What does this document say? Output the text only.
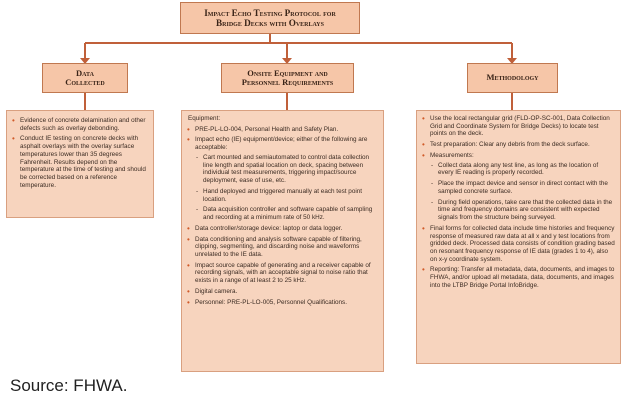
Impact Echo Testing Protocol for
Bridge Decks with Overlays
Data
Collected
Onsite Equipment and
Personnel Requirements	Methodology
• Evidence of concrete delamination and other defects such as overlay debonding.
• Conduct IE testing on concrete decks with asphalt overlays with the overlay surface temperatures lower than 35 degrees Fahrenheit. Results depend on the temperature at the time of testing and should be corrected based on a reference temperature.
Equipment:
• PRE-PL-LO-004, Personal Health and Safety Plan.
• Impact echo (IE) equipment/device; either of the following are acceptable:
- Cart mounted and semiautomated to control data collection line length and spatial location on deck, spacing between individual test measurements, triggering impact/source deployment, ease of use, etc.
- Hand deployed and triggered manually at each test point location.
- Data acquisition controller and software capable of sampling and recording at a minimum rate of 50 kHz.
• Data controller/storage device: laptop or data logger.
• Data conditioning and analysis software capable of filtering, clipping, segmenting, and discarding noise and waveforms unrelated to the IE data.
• Impact source capable of generating and a receiver capable of recording signals, with an acceptable signal to noise ratio that exists in a range of at least 2 to 25 kHz.
• Digital camera.
• Personnel: PRE-PL-LO-005, Personnel Qualifications.
• Use the local rectangular grid (FLD-OP-SC-001, Data Collection Grid and Coordinate System for Bridge Decks) to locate test points on the deck.
• Test preparation: Clear any debris from the deck surface.
• Measurements:
- Collect data along any test line, as long as the location of every IE reading is properly recorded.
- Place the impact device and sensor in direct contact with the sampled concrete surface.
- During field operations, take care that the collected data in the time and frequency domains are consistent with expected signals from the structure being surveyed.
• Final forms for collected data include time histories and frequency response of measured raw data at all x and y test locations from gridded deck. Processed data consists of condition grading based on resonant frequency response of IE data (grades 1 to 4), also on x-y coordinate system.
• Reporting: Transfer all metadata, data, documents, and images to FHWA, and/or upload all metadata, data, documents, and images into the LTBP Bridge Portal InfoBridge.
Source: FHWA.
